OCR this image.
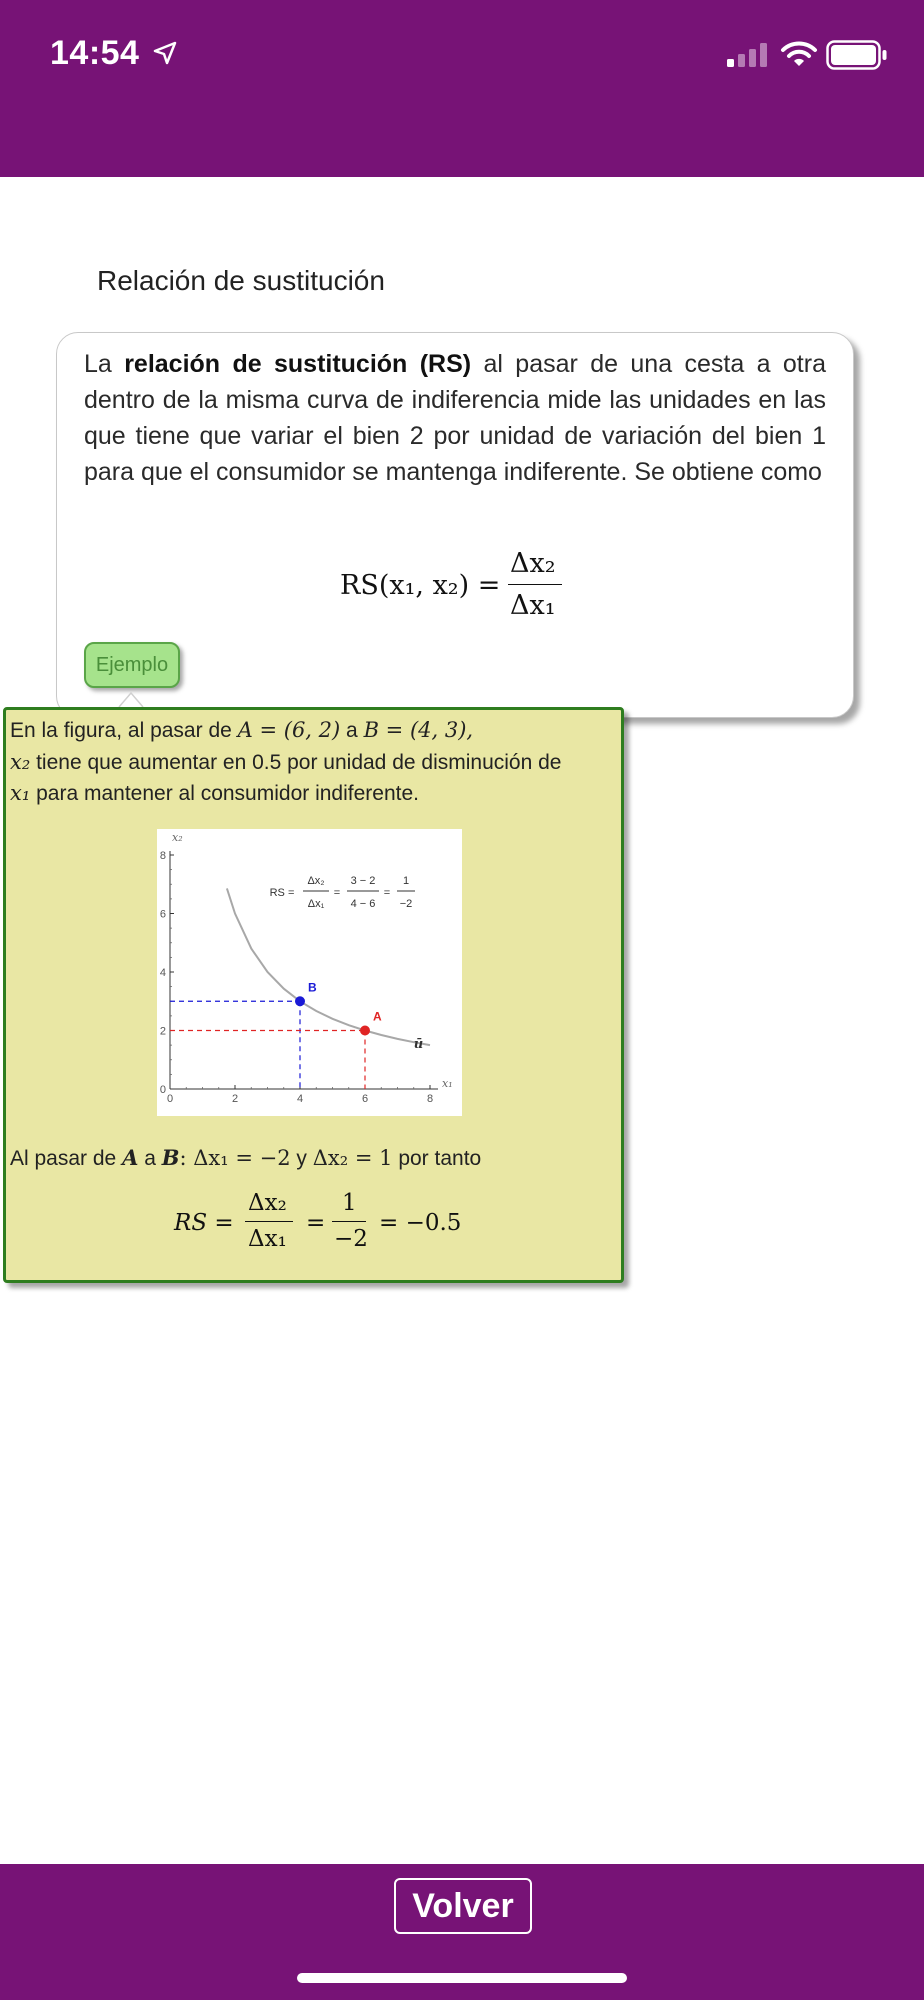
14:54
Relación de sustitución
La relación de sustitución (RS) al pasar de una cesta a otra dentro de la misma curva de indiferencia mide las unidades en las que tiene que variar el bien 2 por unidad de variación del bien 1 para que el consumidor se mantenga indiferente. Se obtiene como
RS(x₁, x₂) =
Δx₂
Δx₁
Ejemplo
En la figura, al pasar de A = (6, 2) a B = (4, 3),
x₂ tiene que aumentar en 0.5 por unidad de disminución de
x₁ para mantener al consumidor indiferente.
0	2	4	6	8
0
2
4
6
8
x₁
x₂
ū
B
A
RS =
Δx₂
Δx₁
=
3 − 2
4 − 6
=
1
−2
Al pasar de A a B: Δx₁ = −2 y Δx₂ = 1 por tanto
RS =
Δx₂
Δx₁
=
1
−2
= −0.5
Volver
